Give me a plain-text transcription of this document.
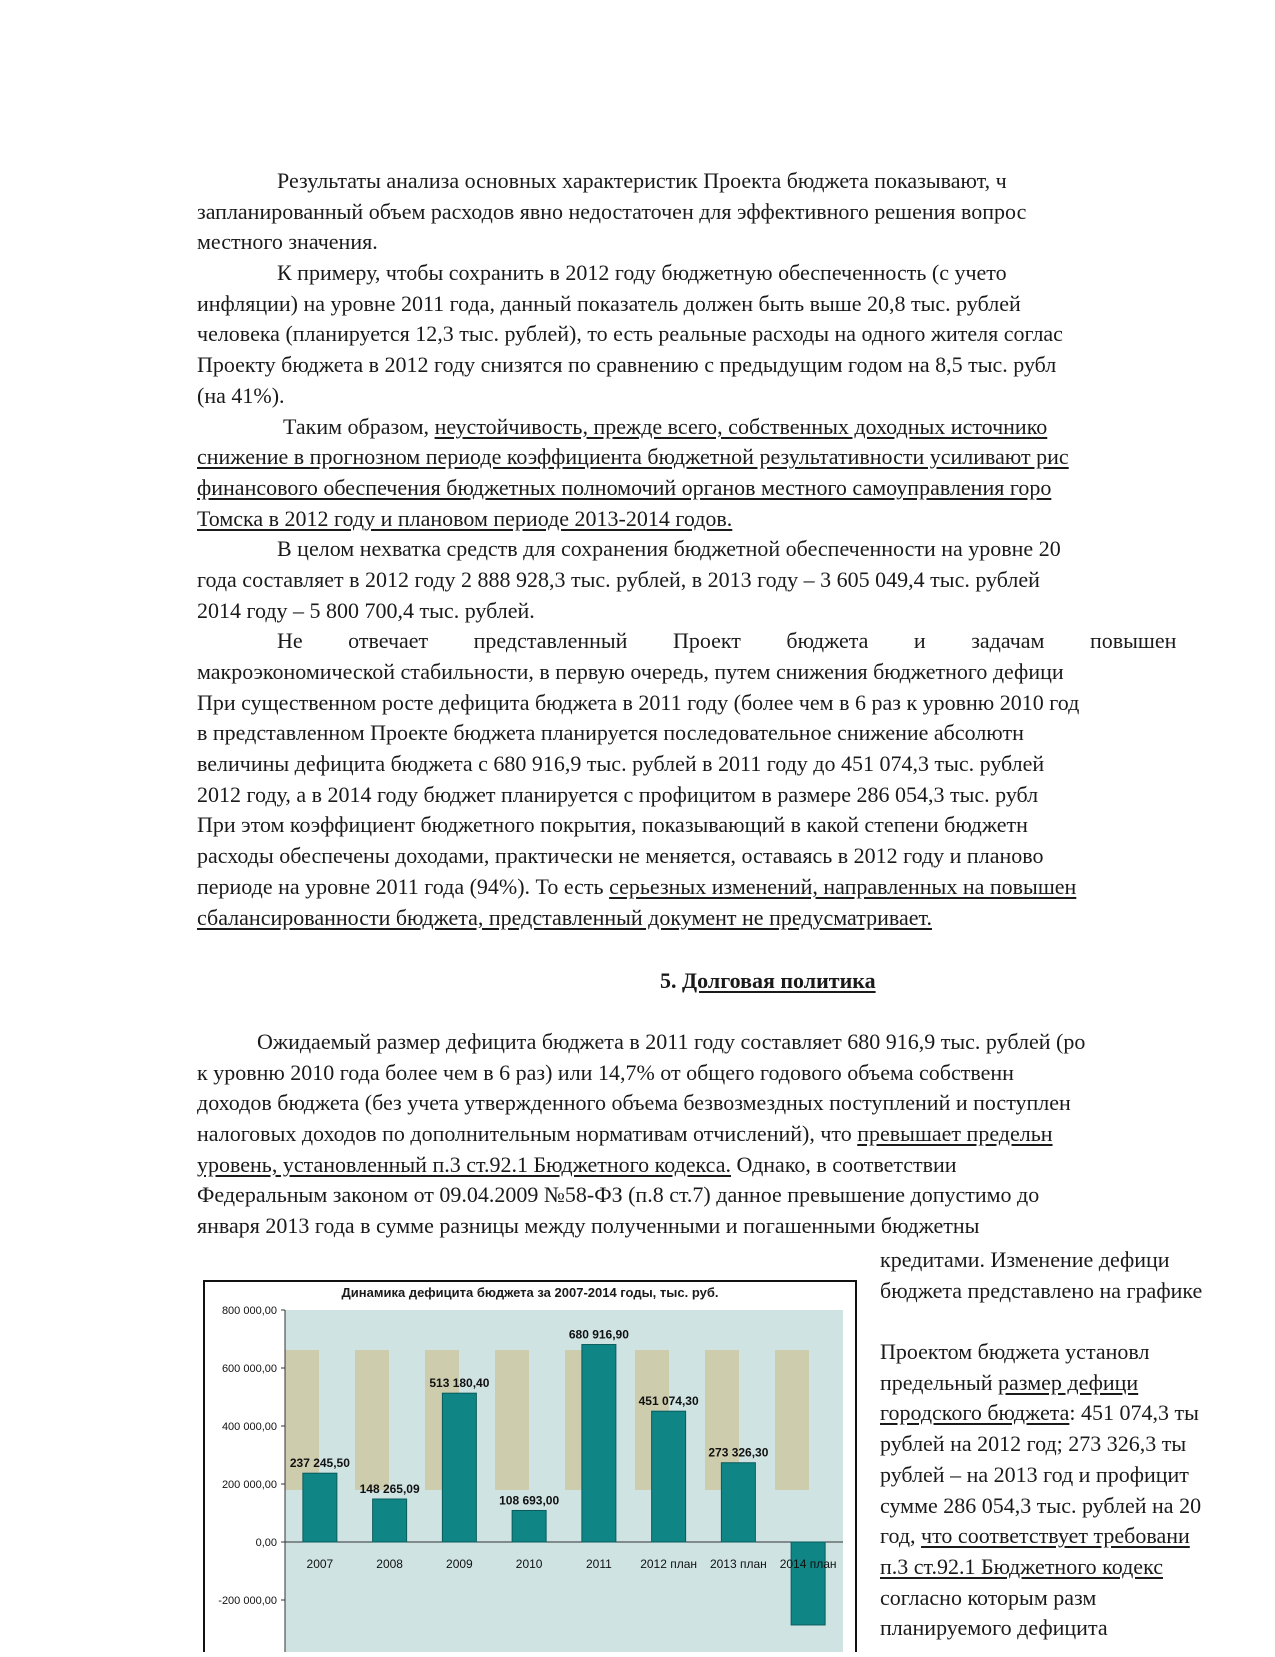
Результаты анализа основных характеристик Проекта бюджета показывают, ч
запланированный объем расходов явно недостаточен для эффективного решения вопрос
местного значения.

К примеру, чтобы сохранить в 2012 году бюджетную обеспеченность (с учето
инфляции) на уровне 2011 года, данный показатель должен быть выше 20,8 тыс. рублей
человека (планируется 12,3 тыс. рублей), то есть реальные расходы на одного жителя соглас
Проекту бюджета в 2012 году снизятся по сравнению с предыдущим годом на 8,5 тыс. рубл
(на 41%).

Таким образом, неустойчивость, прежде всего, собственных доходных источнико
снижение в прогнозном периоде коэффициента бюджетной результативности усиливают рис
финансового обеспечения бюджетных полномочий органов местного самоуправления горо
Томска в 2012 году и плановом периоде 2013-2014 годов.

В целом нехватка средств для сохранения бюджетной обеспеченности на уровне 20
года составляет в 2012 году 2 888 928,3 тыс. рублей, в 2013 году – 3 605 049,4 тыс. рублей
2014 году – 5 800 700,4 тыс. рублей.

Не отвечает представленный Проект бюджета и задачам повышен
макроэкономической стабильности, в первую очередь, путем снижения бюджетного дефици
При существенном росте дефицита бюджета в 2011 году (более чем в 6 раз к уровню 2010 год
в представленном Проекте бюджета планируется последовательное снижение абсолютн
величины дефицита бюджета с 680 916,9 тыс. рублей в 2011 году до 451 074,3 тыс. рублей
2012 году, а в 2014 году бюджет планируется с профицитом в размере 286 054,3 тыс. рубл
При этом коэффициент бюджетного покрытия, показывающий в какой степени бюджетн
расходы обеспечены доходами, практически не меняется, оставаясь в 2012 году и планово
периоде на уровне 2011 года (94%). То есть серьезных изменений, направленных на повышен
сбалансированности бюджета, представленный документ не предусматривает.

5. Долговая политика
Ожидаемый размер дефицита бюджета в 2011 году составляет 680 916,9 тыс. рублей (ро
к уровню 2010 года более чем в 6 раз) или 14,7% от общего годового объема собственн
доходов бюджета (без учета утвержденного объема безвозмездных поступлений и поступлен
налоговых доходов по дополнительным нормативам отчислений), что превышает предельн
уровень, установленный п.3 ст.92.1 Бюджетного кодекса. Однако, в соответствии
Федеральным законом от 09.04.2009 №58-ФЗ (п.8 ст.7) данное превышение допустимо до
января 2013 года в сумме разницы между полученными и погашенными бюджетны
кредитами. Изменение дефици
бюджета представлено на графике
Проектом бюджета установл
предельный размер дефици
городского бюджета: 451 074,3 ты
рублей на 2012 год; 273 326,3 ты
рублей – на 2013 год и профицит
сумме 286 054,3 тыс. рублей на 20
год, что соответствует требовани
п.3 ст.92.1 Бюджетного кодекс
согласно которым разм
планируемого дефицита
Динамика дефицита бюджета за 2007-2014 годы, тыс. руб.
800 000,00
600 000,00
400 000,00
200 000,00
0,00
-200 000,00
2007
237 245,50
2008
148 265,09
2009
513 180,40
2010
108 693,00
2011
680 916,90
2012 план
451 074,30
2013 план
273 326,30
2014 план
